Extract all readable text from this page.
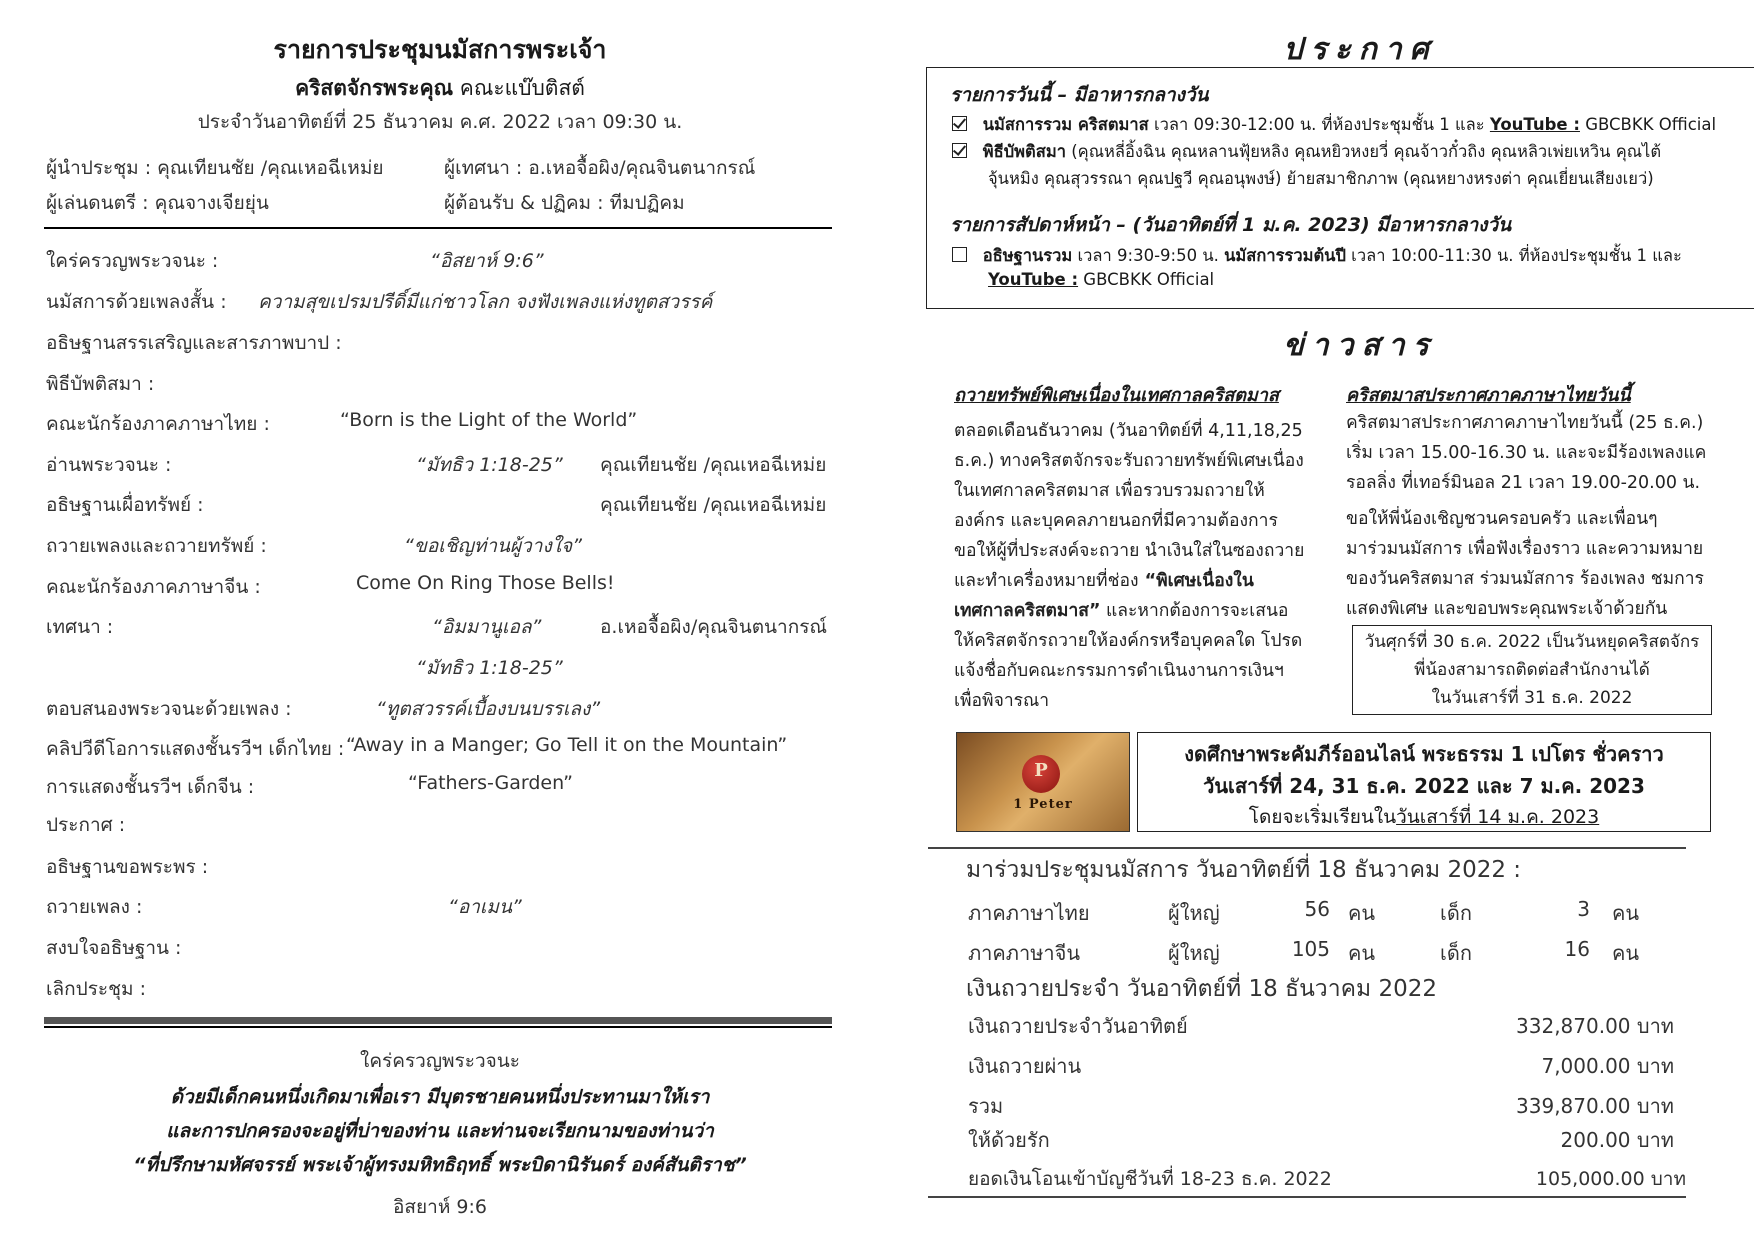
รายการประชุมนมัสการพระเจ้า
คริสตจักรพระคุณ คณะแบ๊บติสต์
ประจำวันอาทิตย์ที่ 25 ธันวาคม ค.ศ. 2022 เวลา 09:30 น.
ผู้นำประชุม : คุณเทียนชัย /คุณเหอฉีเหม่ย	ผู้เทศนา : อ.เหอจื้อผิง/คุณจินตนากรณ์
ผู้เล่นดนตรี : คุณจางเจียยุ่น	ผู้ต้อนรับ & ปฏิคม : ทีมปฏิคม
ใคร่ครวญพระวจนะ :	“อิสยาห์ 9:6”
นมัสการด้วยเพลงสั้น : ความสุขเปรมปรีดิ์มีแก่ชาวโลก จงฟังเพลงแห่งทูตสวรรค์
อธิษฐานสรรเสริญและสารภาพบาป :
พิธีบัพติสมา :
คณะนักร้องภาคภาษาไทย :	“Born is the Light of the World”
อ่านพระวจนะ :	“มัทธิว 1:18-25” คุณเทียนชัย /คุณเหอฉีเหม่ย
อธิษฐานเผื่อทรัพย์ :	คุณเทียนชัย /คุณเหอฉีเหม่ย
ถวายเพลงและถวายทรัพย์ :	“ขอเชิญท่านผู้วางใจ”
คณะนักร้องภาคภาษาจีน :	Come On Ring Those Bells!
เทศนา :	“อิมมานูเอล”	อ.เหอจื้อผิง/คุณจินตนากรณ์
“มัทธิว 1:18-25”
ตอบสนองพระวจนะด้วยเพลง :	“ทูตสวรรค์เบื้องบนบรรเลง”
คลิปวีดีโอการแสดงชั้นรวีฯ เด็กไทย : “Away in a Manger; Go Tell it on the Mountain”
การแสดงชั้นรวีฯ เด็กจีน :	“Fathers-Garden”
ประกาศ :
อธิษฐานขอพระพร :
ถวายเพลง :	“อาเมน”
สงบใจอธิษฐาน :
เลิกประชุม :
ใคร่ครวญพระวจนะ
ด้วยมีเด็กคนหนึ่งเกิดมาเพื่อเรา มีบุตรชายคนหนึ่งประทานมาให้เรา
และการปกครองจะอยู่ที่บ่าของท่าน และท่านจะเรียกนามของท่านว่า
“ที่ปรึกษามหัศจรรย์ พระเจ้าผู้ทรงมหิทธิฤทธิ์ พระบิดานิรันดร์ องค์สันติราช”
อิสยาห์ 9:6
ประกาศ
รายการวันนี้ – มีอาหารกลางวัน
นมัสการรวม คริสตมาส เวลา 09:30-12:00 น. ที่ห้องประชุมชั้น 1 และ YouTube : GBCBKK Official
พิธีบัพติสมา (คุณหลี่อิ้งฉิน คุณหลานฟุ้ยหลิง คุณหยิวหงยวี่ คุณจ้าวกั๋วถิง คุณหลิวเพ่ยเหวิน คุณไต้
จุ้นหมิง คุณสุวรรณา คุณปฐวี คุณอนุพงษ์) ย้ายสมาชิกภาพ (คุณหยางหรงต่า คุณเยี่ยนเสียงเยว่)
รายการสัปดาห์หน้า – (วันอาทิตย์ที่ 1 ม.ค. 2023) มีอาหารกลางวัน
อธิษฐานรวม เวลา 9:30-9:50 น. นมัสการรวมต้นปี เวลา 10:00-11:30 น. ที่ห้องประชุมชั้น 1 และ
YouTube : GBCBKK Official
ข่าวสาร
ถวายทรัพย์พิเศษเนื่องในเทศกาลคริสตมาส
ตลอดเดือนธันวาคม (วันอาทิตย์ที่ 4,11,18,25
ธ.ค.) ทางคริสตจักรจะรับถวายทรัพย์พิเศษเนื่อง
ในเทศกาลคริสตมาส เพื่อรวบรวมถวายให้
องค์กร และบุคคลภายนอกที่มีความต้องการ
ขอให้ผู้ที่ประสงค์จะถวาย นำเงินใส่ในซองถวาย
และทำเครื่องหมายที่ช่อง “พิเศษเนื่องใน
เทศกาลคริสตมาส” และหากต้องการจะเสนอ
ให้คริสตจักรถวายให้องค์กรหรือบุคคลใด โปรด
แจ้งชื่อกับคณะกรรมการดำเนินงานการเงินฯ
เพื่อพิจารณา
คริสตมาสประกาศภาคภาษาไทยวันนี้
คริสตมาสประกาศภาคภาษาไทยวันนี้ (25 ธ.ค.)
เริ่ม เวลา 15.00-16.30 น. และจะมีร้องเพลงแค
รอลลิ่ง ที่เทอร์มินอล 21 เวลา 19.00-20.00 น.
ขอให้พี่น้องเชิญชวนครอบครัว และเพื่อนๆ
มาร่วมนมัสการ เพื่อฟังเรื่องราว และความหมาย
ของวันคริสตมาส ร่วมนมัสการ ร้องเพลง ชมการ
แสดงพิเศษ และขอบพระคุณพระเจ้าด้วยกัน
วันศุกร์ที่ 30 ธ.ค. 2022 เป็นวันหยุดคริสตจักร
พี่น้องสามารถติดต่อสำนักงานได้
ในวันเสาร์ที่ 31 ธ.ค. 2022
P
1 Peter
งดศึกษาพระคัมภีร์ออนไลน์ พระธรรม 1 เปโตร ชั่วคราว
วันเสาร์ที่ 24, 31 ธ.ค. 2022 และ 7 ม.ค. 2023
โดยจะเริ่มเรียนในวันเสาร์ที่ 14 ม.ค. 2023
มาร่วมประชุมนมัสการ วันอาทิตย์ที่ 18 ธันวาคม 2022 :
ภาคภาษาไทย	ผู้ใหญ่	56 คน	เด็ก	3 คน
ภาคภาษาจีน	ผู้ใหญ่	105 คน	เด็ก	16 คน
เงินถวายประจำ วันอาทิตย์ที่ 18 ธันวาคม 2022
เงินถวายประจำวันอาทิตย์	332,870.00 บาท
เงินถวายผ่าน	7,000.00 บาท
รวม	339,870.00 บาท
ให้ด้วยรัก	200.00 บาท
ยอดเงินโอนเข้าบัญชีวันที่ 18-23 ธ.ค. 2022	105,000.00 บาท
